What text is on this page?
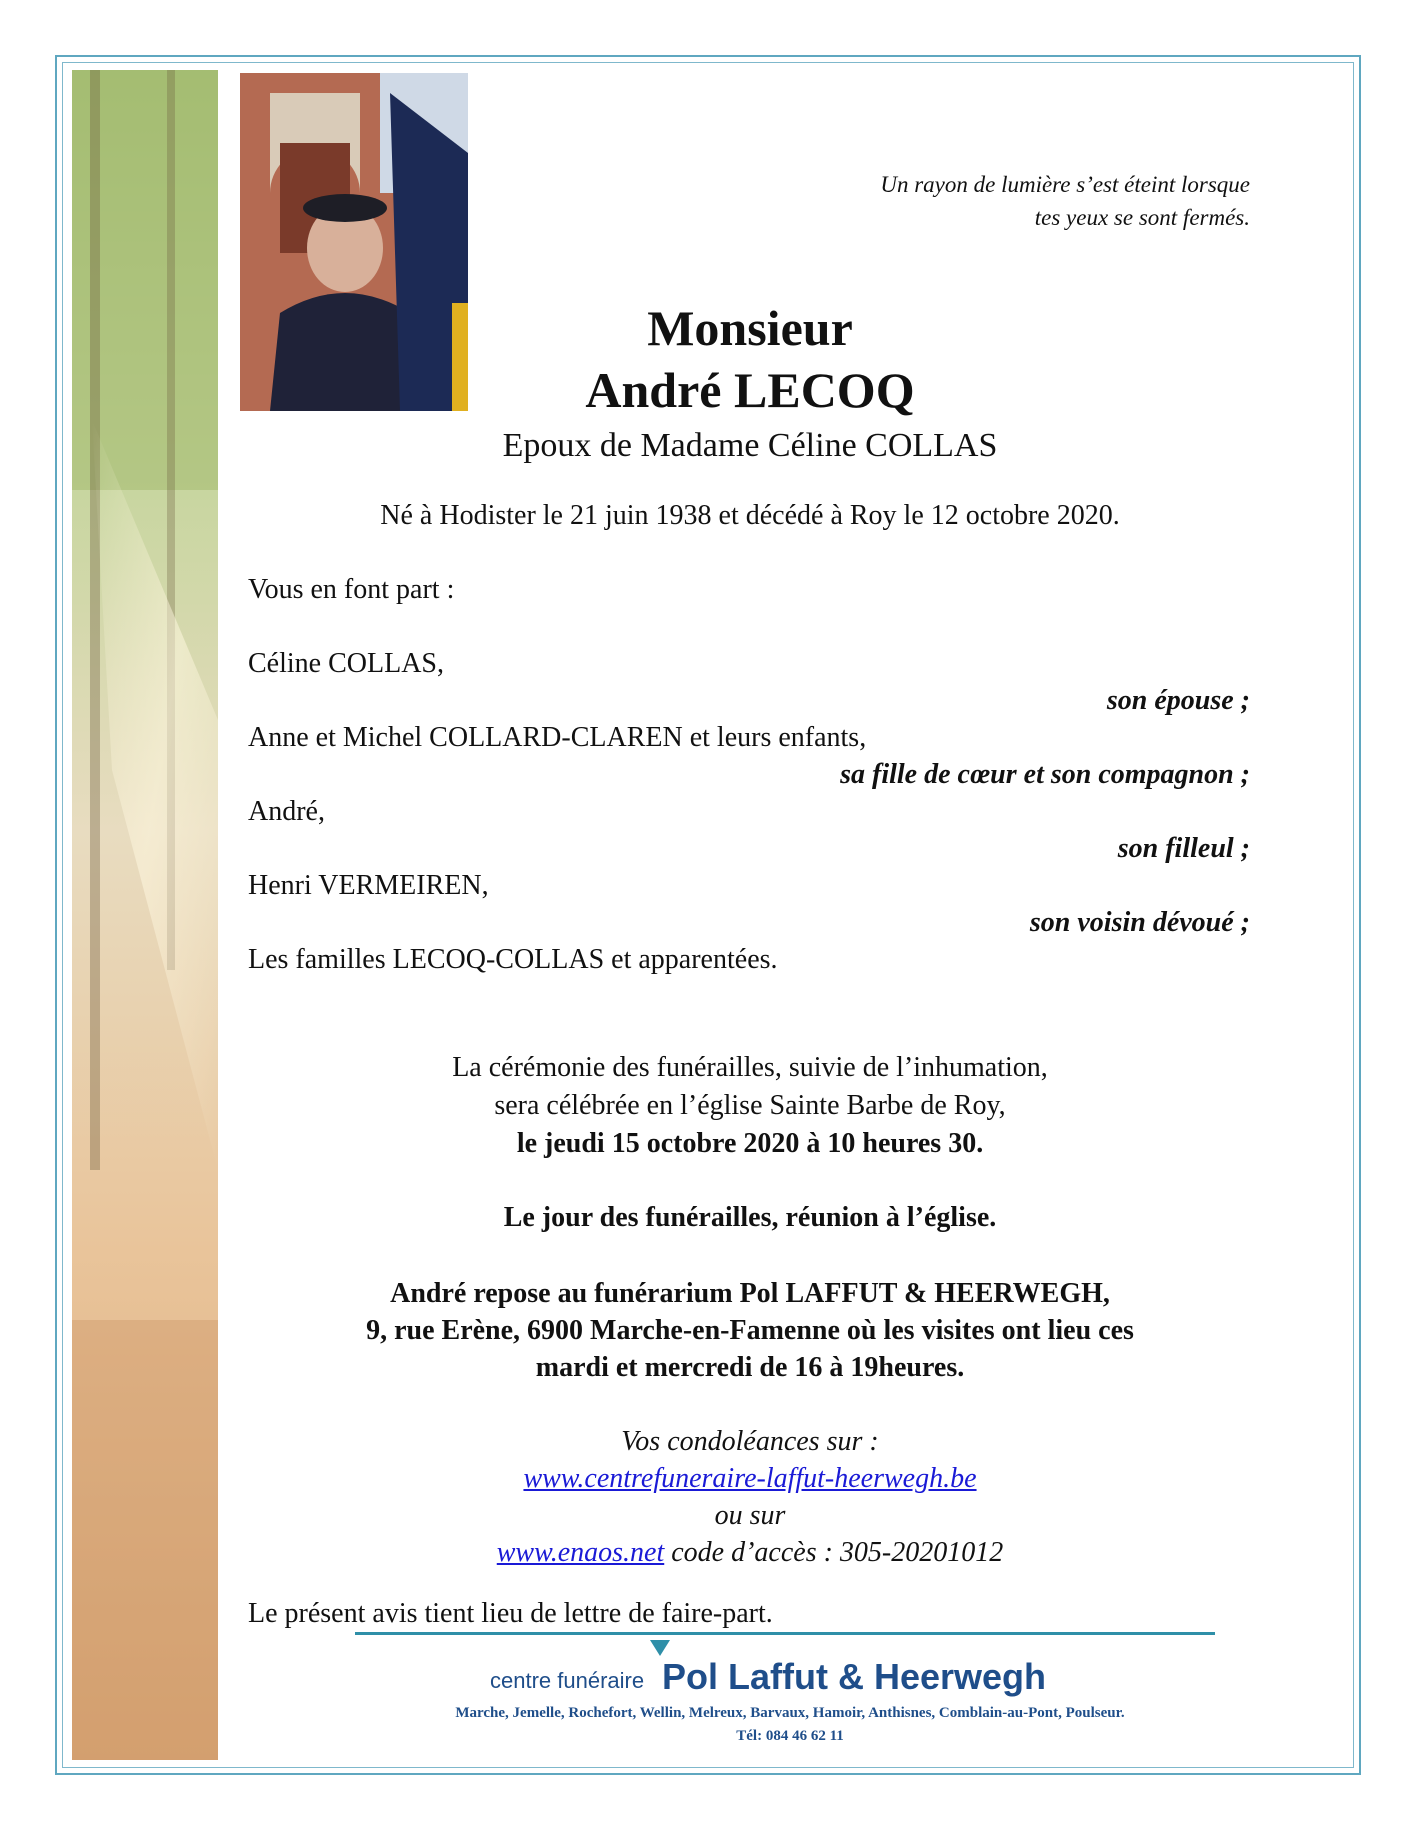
Un rayon de lumière s’est éteint lorsque
tes yeux se sont fermés.
Monsieur
André LECOQ
Epoux de Madame Céline COLLAS
Né à Hodister le 21 juin 1938 et décédé à Roy le 12 octobre 2020.
Vous en font part :
Céline COLLAS,
son épouse ;
Anne et Michel COLLARD-CLAREN et leurs enfants,
sa fille de cœur et son compagnon ;
André,
son filleul ;
Henri VERMEIREN,
son voisin dévoué ;
Les familles LECOQ-COLLAS et apparentées.
La cérémonie des funérailles, suivie de l’inhumation,
sera célébrée en l’église Sainte Barbe de Roy,
le jeudi 15 octobre 2020 à 10 heures 30.
Le jour des funérailles, réunion à l’église.
André repose au funérarium Pol LAFFUT & HEERWEGH,
9, rue Erène, 6900 Marche-en-Famenne où les visites ont lieu ces
mardi et mercredi de 16 à 19heures.
Vos condoléances sur :
www.centrefuneraire-laffut-heerwegh.be
ou sur
www.enaos.net code d’accès : 305-20201012
Le présent avis tient lieu de lettre de faire-part.
centre funéraire Pol Laffut & Heerwegh
Marche, Jemelle, Rochefort, Wellin, Melreux, Barvaux, Hamoir, Anthisnes, Comblain-au-Pont, Poulseur.
Tél: 084 46 62 11
